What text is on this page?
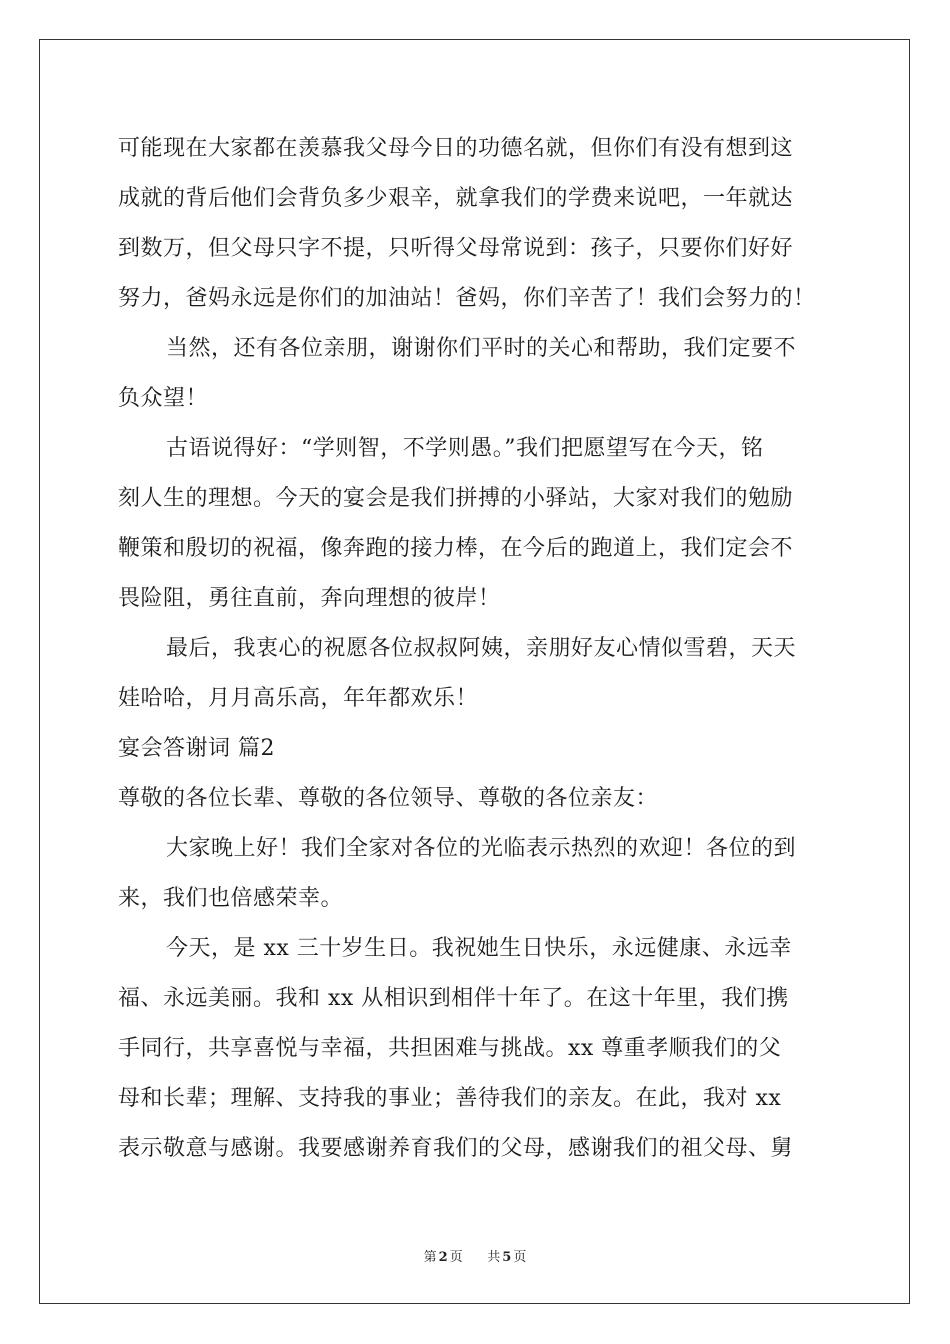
可能现在大家都在羡慕我父母今日的功德名就，但你们有没有想到这
成就的背后他们会背负多少艰辛，就拿我们的学费来说吧，一年就达
到数万，但父母只字不提，只听得父母常说到：孩子，只要你们好好
努力，爸妈永远是你们的加油站！爸妈，你们辛苦了！我们会努力的！
当然，还有各位亲朋，谢谢你们平时的关心和帮助，我们定要不
负众望！
古语说得好：“学则智，不学则愚。”我们把愿望写在今天，铭
刻人生的理想。今天的宴会是我们拼搏的小驿站，大家对我们的勉励
鞭策和殷切的祝福，像奔跑的接力棒，在今后的跑道上，我们定会不
畏险阻，勇往直前，奔向理想的彼岸！
最后，我衷心的祝愿各位叔叔阿姨，亲朋好友心情似雪碧，天天
娃哈哈，月月高乐高，年年都欢乐！
宴会答谢词 篇2
尊敬的各位长辈、尊敬的各位领导、尊敬的各位亲友：
大家晚上好！我们全家对各位的光临表示热烈的欢迎！各位的到
来，我们也倍感荣幸。
今天，是 xx 三十岁生日。我祝她生日快乐，永远健康、永远幸
福、永远美丽。我和 xx 从相识到相伴十年了。在这十年里，我们携
手同行，共享喜悦与幸福，共担困难与挑战。xx 尊重孝顺我们的父
母和长辈；理解、支持我的事业；善待我们的亲友。在此，我对 xx
表示敬意与感谢。我要感谢养育我们的父母，感谢我们的祖父母、舅
第 2 页 共 5 页
